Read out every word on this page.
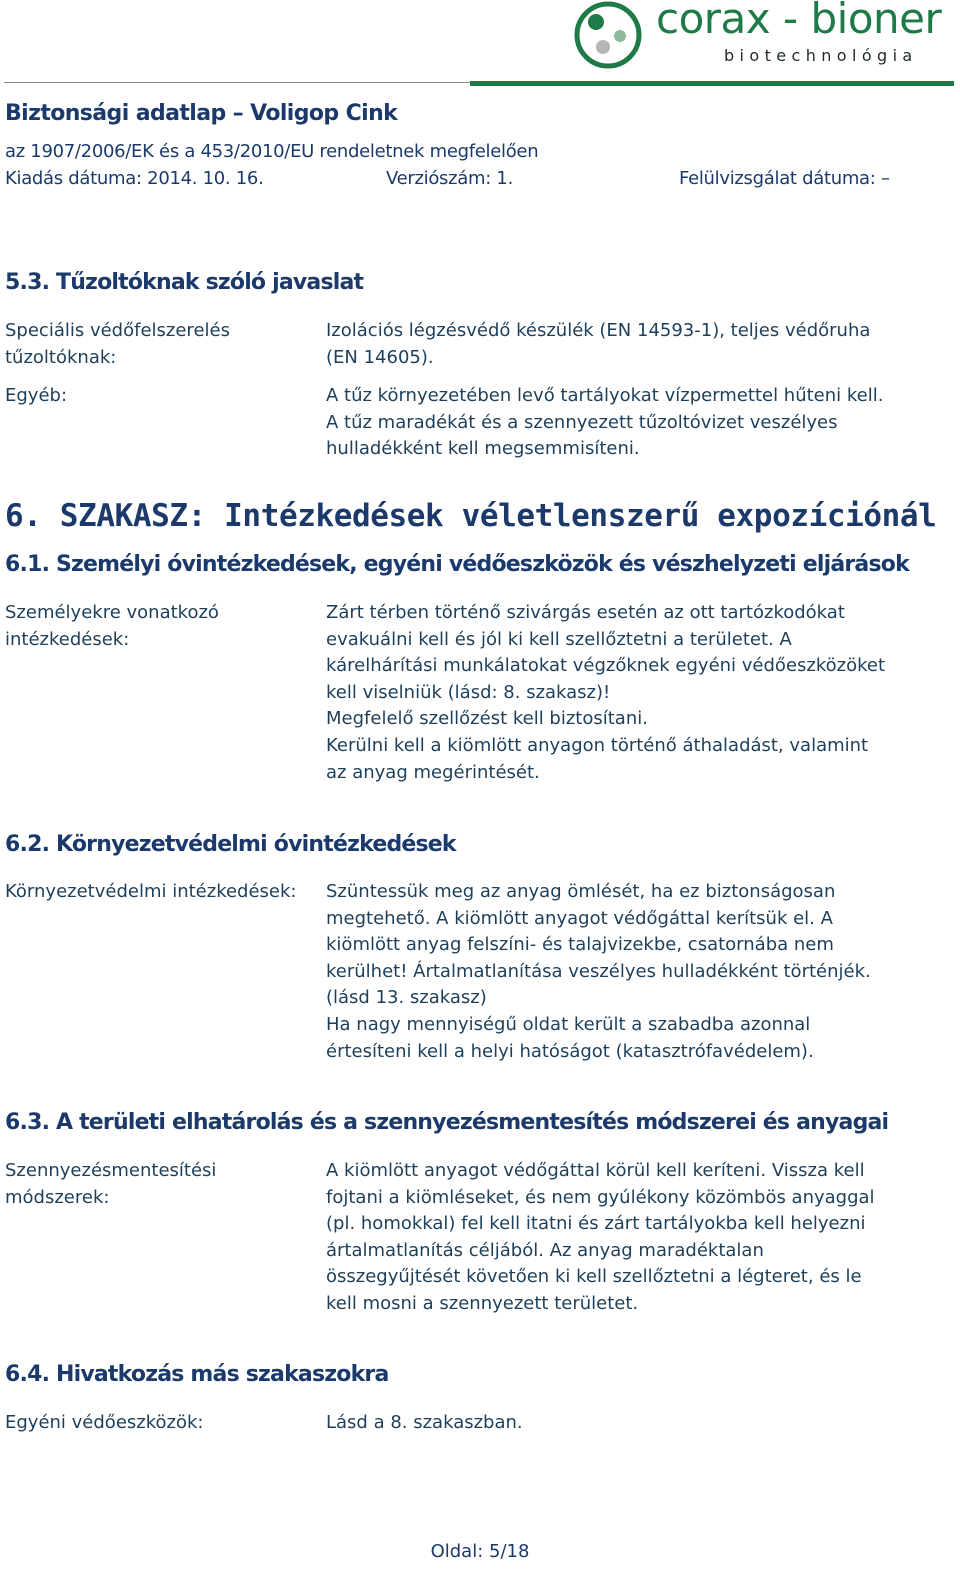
corax - bioner
biotechnológia
Biztonsági adatlap – Voligop Cink
az 1907/2006/EK és a 453/2010/EU rendeletnek megfelelően
Kiadás dátuma: 2014. 10. 16.	Verziószám: 1.	Felülvizsgálat dátuma: –
5.3. Tűzoltóknak szóló javaslat
Speciális védőfelszerelés
tűzoltóknak:
Izolációs légzésvédő készülék (EN 14593-1), teljes védőruha
(EN 14605).
Egyéb:	A tűz környezetében levő tartályokat vízpermettel hűteni kell.
A tűz maradékát és a szennyezett tűzoltóvizet veszélyes
hulladékként kell megsemmisíteni.
6. SZAKASZ: Intézkedések véletlenszerű expozíciónál
6.1. Személyi óvintézkedések, egyéni védőeszközök és vészhelyzeti eljárások
Személyekre vonatkozó
intézkedések:
Zárt térben történő szivárgás esetén az ott tartózkodókat
evakuálni kell és jól ki kell szellőztetni a területet. A
kárelhárítási munkálatokat végzőknek egyéni védőeszközöket
kell viselniük (lásd: 8. szakasz)!
Megfelelő szellőzést kell biztosítani.
Kerülni kell a kiömlött anyagon történő áthaladást, valamint
az anyag megérintését.
6.2. Környezetvédelmi óvintézkedések
Környezetvédelmi intézkedések:	Szüntessük meg az anyag ömlését, ha ez biztonságosan
megtehető. A kiömlött anyagot védőgáttal kerítsük el. A
kiömlött anyag felszíni- és talajvizekbe, csatornába nem
kerülhet! Ártalmatlanítása veszélyes hulladékként történjék.
(lásd 13. szakasz)
Ha nagy mennyiségű oldat került a szabadba azonnal
értesíteni kell a helyi hatóságot (katasztrófavédelem).
6.3. A területi elhatárolás és a szennyezésmentesítés módszerei és anyagai
Szennyezésmentesítési
módszerek:
A kiömlött anyagot védőgáttal körül kell keríteni. Vissza kell
fojtani a kiömléseket, és nem gyúlékony közömbös anyaggal
(pl. homokkal) fel kell itatni és zárt tartályokba kell helyezni
ártalmatlanítás céljából. Az anyag maradéktalan
összegyűjtését követően ki kell szellőztetni a légteret, és le
kell mosni a szennyezett területet.
6.4. Hivatkozás más szakaszokra
Egyéni védőeszközök:	Lásd a 8. szakaszban.
Oldal: 5/18
